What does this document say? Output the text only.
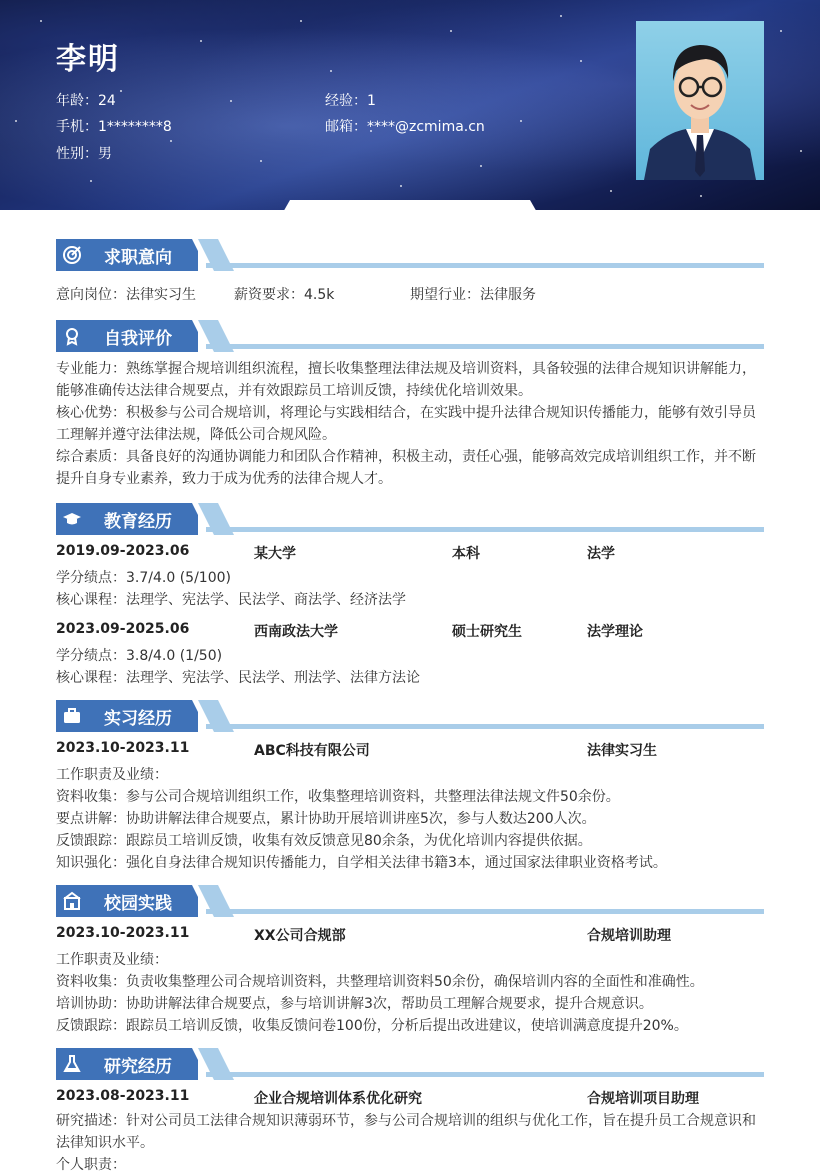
李明
年龄：24	经验：1
手机：1********8	邮箱：****@zcmima.cn
性别：男
求职意向
意向岗位：法律实习生	薪资要求：4.5k	期望行业：法律服务
自我评价
专业能力：熟练掌握合规培训组织流程，擅长收集整理法律法规及培训资料，具备较强的法律合规知识讲解能力，能够准确传达法律合规要点，并有效跟踪员工培训反馈，持续优化培训效果。
核心优势：积极参与公司合规培训，将理论与实践相结合，在实践中提升法律合规知识传播能力，能够有效引导员工理解并遵守法律法规，降低公司合规风险。
综合素质：具备良好的沟通协调能力和团队合作精神，积极主动，责任心强，能够高效完成培训组织工作，并不断提升自身专业素养，致力于成为优秀的法律合规人才。
教育经历
2019.09-2023.06	某大学	本科	法学
学分绩点：3.7/4.0 (5/100)
核心课程：法理学、宪法学、民法学、商法学、经济法学
2023.09-2025.06	西南政法大学	硕士研究生	法学理论
学分绩点：3.8/4.0 (1/50)
核心课程：法理学、宪法学、民法学、刑法学、法律方法论
实习经历
2023.10-2023.11	ABC科技有限公司	法律实习生
工作职责及业绩：
资料收集：参与公司合规培训组织工作，收集整理培训资料，共整理法律法规文件50余份。
要点讲解：协助讲解法律合规要点，累计协助开展培训讲座5次，参与人数达200人次。
反馈跟踪：跟踪员工培训反馈，收集有效反馈意见80余条，为优化培训内容提供依据。
知识强化：强化自身法律合规知识传播能力，自学相关法律书籍3本，通过国家法律职业资格考试。
校园实践
2023.10-2023.11	XX公司合规部	合规培训助理
工作职责及业绩：
资料收集：负责收集整理公司合规培训资料，共整理培训资料50余份，确保培训内容的全面性和准确性。
培训协助：协助讲解法律合规要点，参与培训讲解3次，帮助员工理解合规要求，提升合规意识。
反馈跟踪：跟踪员工培训反馈，收集反馈问卷100份，分析后提出改进建议，使培训满意度提升20%。
研究经历
2023.08-2023.11	企业合规培训体系优化研究	合规培训项目助理
研究描述：针对公司员工法律合规知识薄弱环节，参与公司合规培训的组织与优化工作，旨在提升员工合规意识和法律知识水平。
个人职责：
